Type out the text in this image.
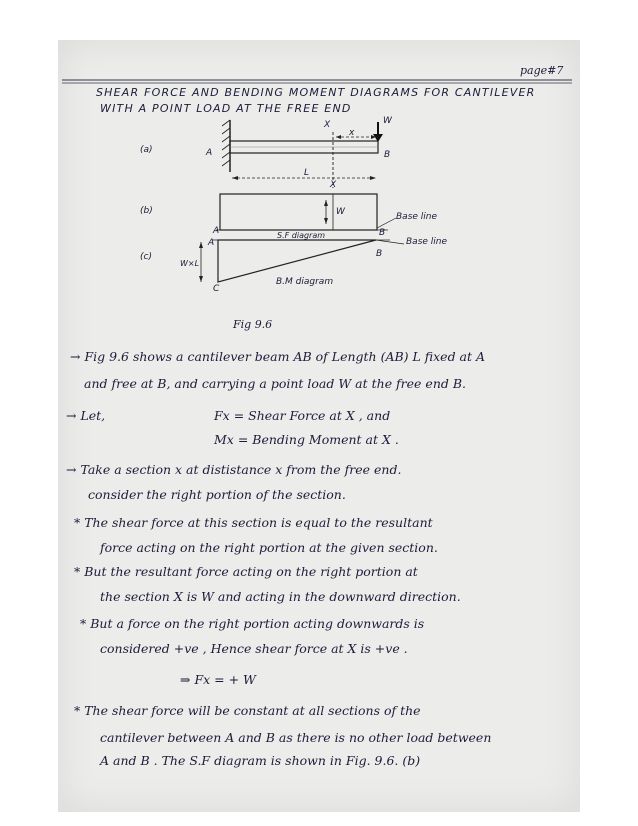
page#7
SHEAR FORCE AND BENDING MOMENT DIAGRAMS FOR CANTILEVER
WITH A POINT LOAD AT THE FREE END
(a)	A	B
W
X
x
L
X
(b)	W	Base line
S.F diagram
A	B
Base line
A
B
(c)
W×L
C
B.M diagram
Fig 9.6
→ Fig 9.6 shows a cantilever beam AB of Length (AB) L fixed at A
and free at B, and carrying a point load W at the free end B.
→ Let,	Fx = Shear Force at X , and
Mx = Bending Moment at X .
→ Take a section x at dististance x from the free end.
consider the right portion of the section.
* The shear force at this section is equal to the resultant
force acting on the right portion at the given section.
* But the resultant force acting on the right portion at
the section X is W and acting in the downward direction.
* But a force on the right portion acting downwards is
considered +ve , Hence shear force at X is +ve .
⇒ Fx = + W
* The shear force will be constant at all sections of the
cantilever between A and B as there is no other load between
A and B . The S.F diagram is shown in Fig. 9.6. (b)
